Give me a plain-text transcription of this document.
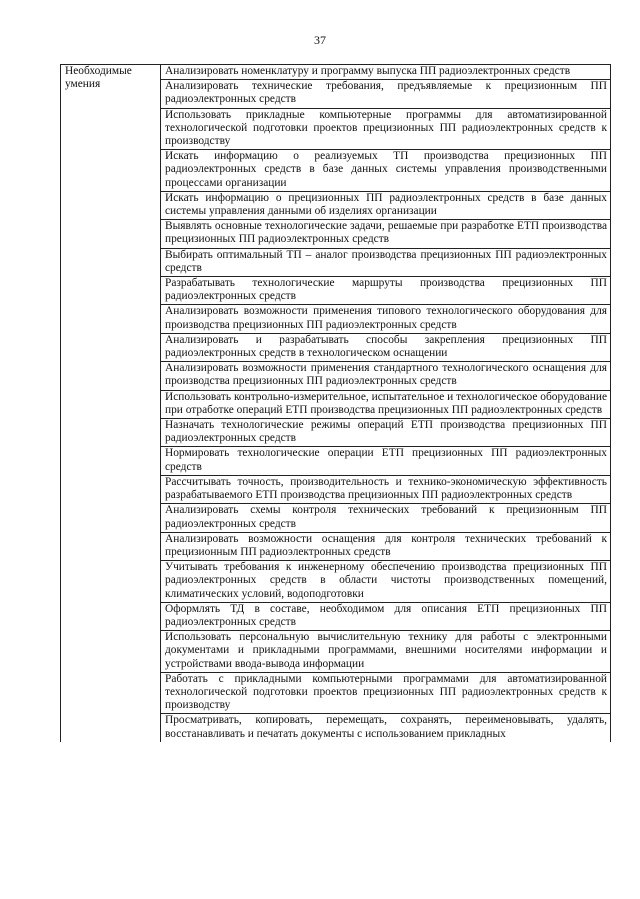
37
Необходимые умения	Анализировать номенклатуру и программу выпуска ПП радиоэлектронных средств
Анализировать технические требования, предъявляемые к прецизионным ПП радиоэлектронных средств
Использовать прикладные компьютерные программы для автоматизированной технологической подготовки проектов прецизионных ПП радиоэлектронных средств к производству
Искать информацию о реализуемых ТП производства прецизионных ПП радиоэлектронных средств в базе данных системы управления производственными процессами организации
Искать информацию о прецизионных ПП радиоэлектронных средств в базе данных системы управления данными об изделиях организации
Выявлять основные технологические задачи, решаемые при разработке ЕТП производства прецизионных ПП радиоэлектронных средств
Выбирать оптимальный ТП – аналог производства прецизионных ПП радиоэлектронных средств
Разрабатывать технологические маршруты производства прецизионных ПП радиоэлектронных средств
Анализировать возможности применения типового технологического оборудования для производства прецизионных ПП радиоэлектронных средств
Анализировать и разрабатывать способы закрепления прецизионных ПП радиоэлектронных средств в технологическом оснащении
Анализировать возможности применения стандартного технологического оснащения для производства прецизионных ПП радиоэлектронных средств
Использовать контрольно-измерительное, испытательное и технологическое оборудование при отработке операций ЕТП производства прецизионных ПП радиоэлектронных средств
Назначать технологические режимы операций ЕТП производства прецизионных ПП радиоэлектронных средств
Нормировать технологические операции ЕТП прецизионных ПП радиоэлектронных средств
Рассчитывать точность, производительность и технико-экономическую эффективность разрабатываемого ЕТП производства прецизионных ПП радиоэлектронных средств
Анализировать схемы контроля технических требований к прецизионным ПП радиоэлектронных средств
Анализировать возможности оснащения для контроля технических требований к прецизионным ПП радиоэлектронных средств
Учитывать требования к инженерному обеспечению производства прецизионных ПП радиоэлектронных средств в области чистоты производственных помещений, климатических условий, водоподготовки
Оформлять ТД в составе, необходимом для описания ЕТП прецизионных ПП радиоэлектронных средств
Использовать персональную вычислительную технику для работы с электронными документами и прикладными программами, внешними носителями информации и устройствами ввода-вывода информации
Работать с прикладными компьютерными программами для автоматизированной технологической подготовки проектов прецизионных ПП радиоэлектронных средств к производству
Просматривать, копировать, перемещать, сохранять, переименовывать, удалять, восстанавливать и печатать документы с использованием прикладных
